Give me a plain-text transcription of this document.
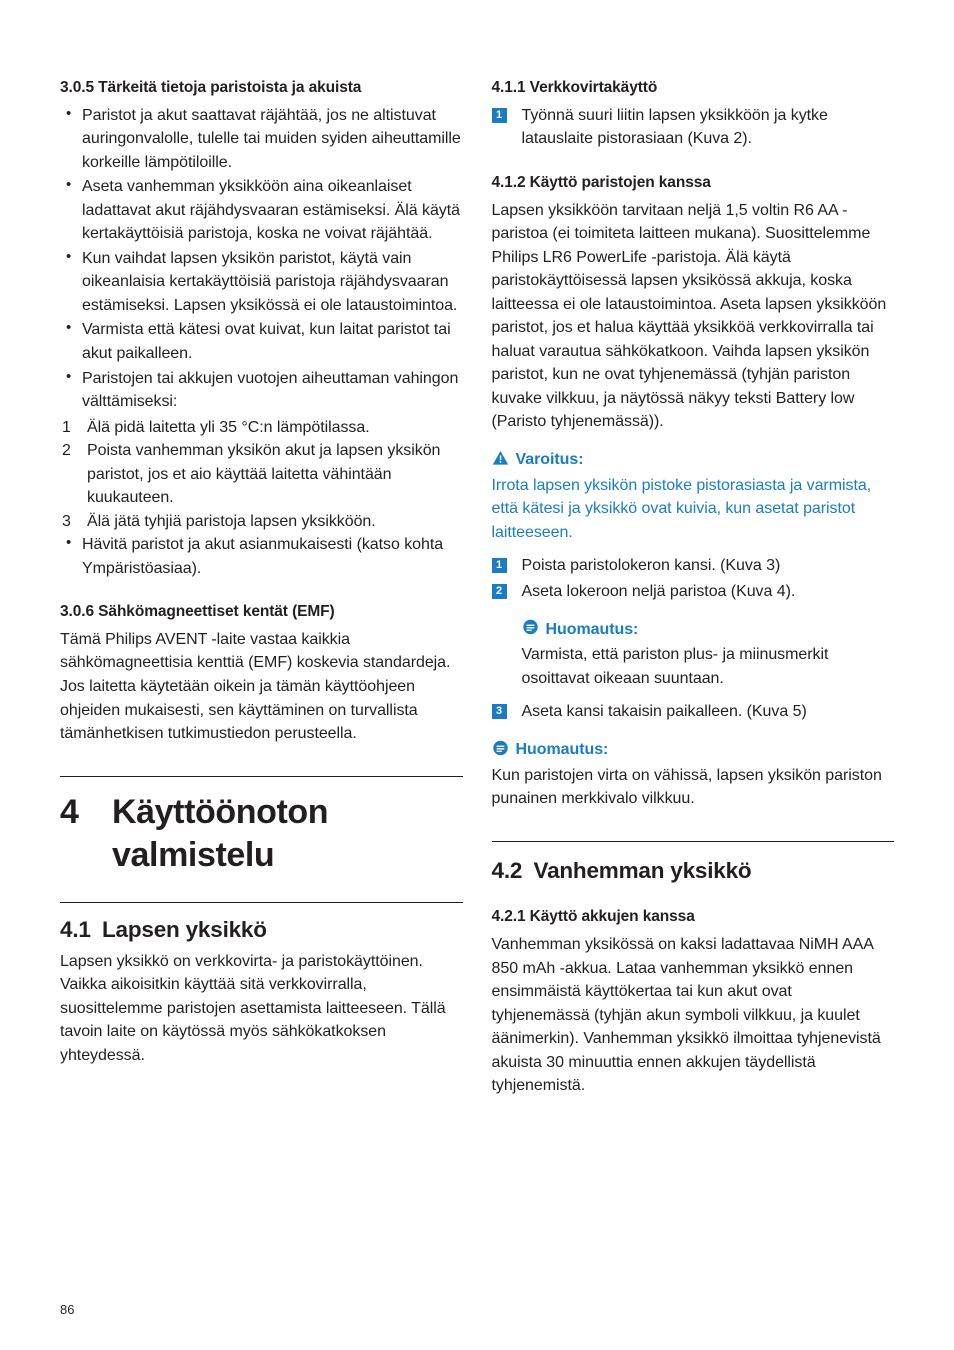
3.0.5 Tärkeitä tietoja paristoista ja akuista
• Paristot ja akut saattavat räjähtää, jos ne altistuvat auringonvalolle, tulelle tai muiden syiden aiheuttamille korkeille lämpötiloille.
• Aseta vanhemman yksikköön aina oikeanlaiset ladattavat akut räjähdysvaaran estämiseksi. Älä käytä kertakäyttöisiä paristoja, koska ne voivat räjähtää.
• Kun vaihdat lapsen yksikön paristot, käytä vain oikeanlaisia kertakäyttöisiä paristoja räjähdysvaaran estämiseksi. Lapsen yksikössä ei ole lataustoimintoa.
• Varmista että kätesi ovat kuivat, kun laitat paristot tai akut paikalleen.
• Paristojen tai akkujen vuotojen aiheuttaman vahingon välttämiseksi:
1 Älä pidä laitetta yli 35 °C:n lämpötilassa.
2 Poista vanhemman yksikön akut ja lapsen yksikön paristot, jos et aio käyttää laitetta vähintään kuukauteen.
3 Älä jätä tyhjiä paristoja lapsen yksikköön.
• Hävitä paristot ja akut asianmukaisesti (katso kohta Ympäristöasiaa).
3.0.6 Sähkömagneettiset kentät (EMF)

Tämä Philips AVENT -laite vastaa kaikkia sähkömagneettisia kenttiä (EMF) koskevia standardeja. Jos laitetta käytetään oikein ja tämän käyttöohjeen ohjeiden mukaisesti, sen käyttäminen on turvallista tämänhetkisen tutkimustiedon perusteella.

4 Käyttöönoton
valmistelu
4.1 Lapsen yksikkö

Lapsen yksikkö on verkkovirta- ja paristokäyttöinen. Vaikka aikoisitkin käyttää sitä verkkovirralla, suosittelemme paristojen asettamista laitteeseen. Tällä tavoin laite on käytössä myös sähkökatkoksen yhteydessä.

4.1.1 Verkkovirtakäyttö
1 Työnnä suuri liitin lapsen yksikköön ja kytke latauslaite pistorasiaan (Kuva 2).
4.1.2 Käyttö paristojen kanssa

Lapsen yksikköön tarvitaan neljä 1,5 voltin R6 AA -paristoa (ei toimiteta laitteen mukana). Suosittelemme Philips LR6 PowerLife -paristoja. Älä käytä paristokäyttöisessä lapsen yksikössä akkuja, koska laitteessa ei ole lataustoimintoa. Aseta lapsen yksikköön paristot, jos et halua käyttää yksikköä verkkovirralla tai haluat varautua sähkökatkoon. Vaihda lapsen yksikön paristot, kun ne ovat tyhjenemässä (tyhjän pariston kuvake vilkkuu, ja näytössä näkyy teksti Battery low (Paristo tyhjenemässä)).

Varoitus:

Irrota lapsen yksikön pistoke pistorasiasta ja varmista, että kätesi ja yksikkö ovat kuivia, kun asetat paristot laitteeseen.

1 Poista paristolokeron kansi. (Kuva 3)
2 Aseta lokeroon neljä paristoa (Kuva 4).
Huomautus:

Varmista, että pariston plus- ja miinusmerkit osoittavat oikeaan suuntaan.

3 Aseta kansi takaisin paikalleen. (Kuva 5)
Huomautus:

Kun paristojen virta on vähissä, lapsen yksikön pariston punainen merkkivalo vilkkuu.

4.2 Vanhemman yksikkö
4.2.1 Käyttö akkujen kanssa

Vanhemman yksikössä on kaksi ladattavaa NiMH AAA 850 mAh -akkua. Lataa vanhemman yksikkö ennen ensimmäistä käyttökertaa tai kun akut ovat tyhjenemässä (tyhjän akun symboli vilkkuu, ja kuulet äänimerkin). Vanhemman yksikkö ilmoittaa tyhjenevistä akuista 30 minuuttia ennen akkujen täydellistä tyhjenemistä.

86
